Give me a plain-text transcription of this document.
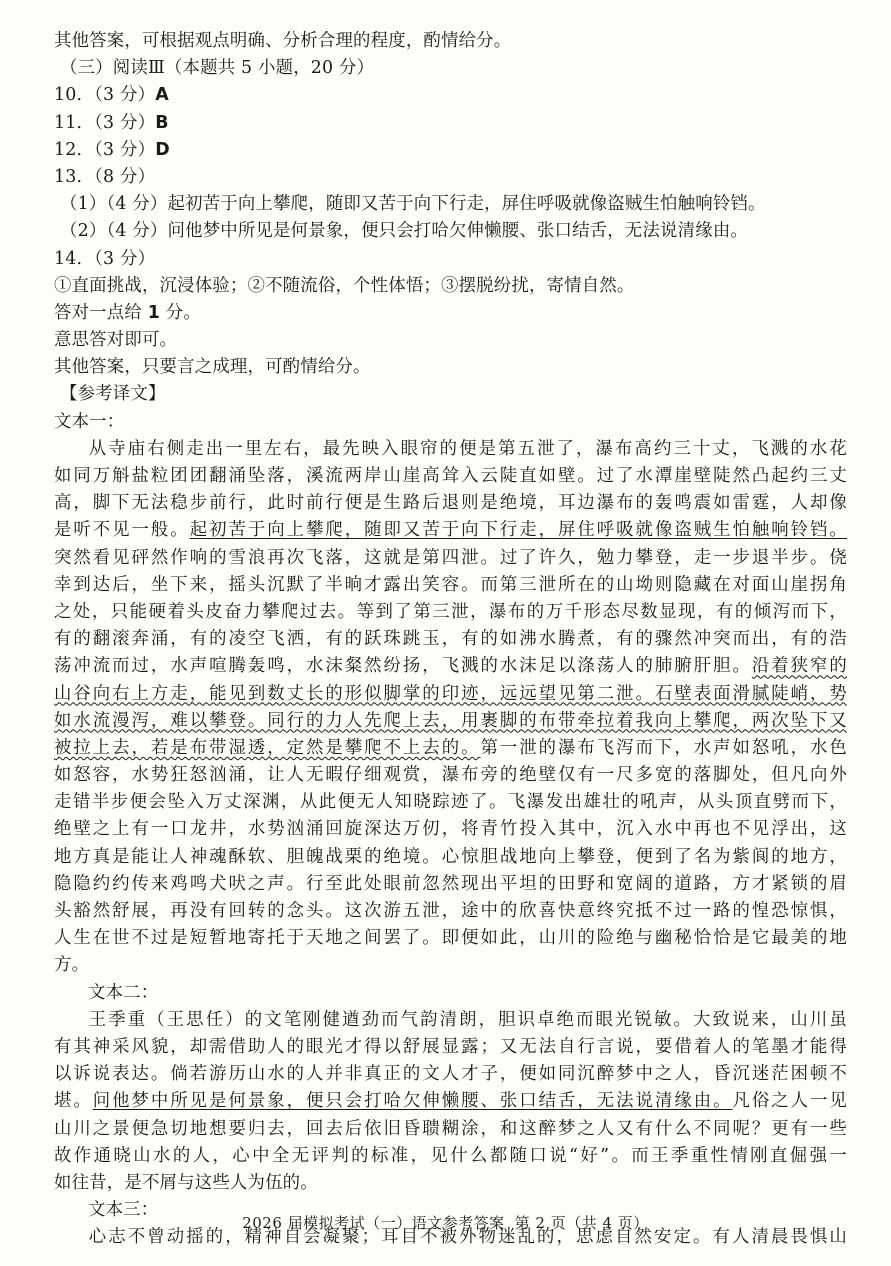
其他答案，可根据观点明确、分析合理的程度，酌情给分。
（三）阅读Ⅲ（本题共 5 小题，20 分）
10．（3 分）A
11．（3 分）B
12．（3 分）D
13．（8 分）
（1）（4 分）起初苦于向上攀爬，随即又苦于向下行走，屏住呼吸就像盗贼生怕触响铃铛。
（2）（4 分）问他梦中所见是何景象，便只会打哈欠伸懒腰、张口结舌，无法说清缘由。
14．（3 分）
①直面挑战，沉浸体验；②不随流俗，个性体悟；③摆脱纷扰，寄情自然。
答对一点给 1 分。
意思答对即可。
其他答案，只要言之成理，可酌情给分。
【参考译文】
文本一：
从寺庙右侧走出一里左右，最先映入眼帘的便是第五泄了，瀑布高约三十丈，飞溅的水花
如同万斛盐粒团团翻涌坠落，溪流两岸山崖高耸入云陡直如壁。过了水潭崖壁陡然凸起约三丈
高，脚下无法稳步前行，此时前行便是生路后退则是绝境，耳边瀑布的轰鸣震如雷霆，人却像
是听不见一般。起初苦于向上攀爬，随即又苦于向下行走，屏住呼吸就像盗贼生怕触响铃铛。
突然看见砰然作响的雪浪再次飞落，这就是第四泄。过了许久，勉力攀登，走一步退半步。侥
幸到达后，坐下来，摇头沉默了半晌才露出笑容。而第三泄所在的山坳则隐藏在对面山崖拐角
之处，只能硬着头皮奋力攀爬过去。等到了第三泄，瀑布的万千形态尽数显现，有的倾泻而下，
有的翻滚奔涌，有的凌空飞洒，有的跃珠跳玉，有的如沸水腾煮，有的骤然冲突而出，有的浩
荡冲流而过，水声喧腾轰鸣，水沫粲然纷扬，飞溅的水沫足以涤荡人的肺腑肝胆。沿着狭窄的
山谷向右上方走，能见到数丈长的形似脚掌的印迹，远远望见第二泄。石壁表面滑腻陡峭，势
如水流漫泻，难以攀登。同行的力人先爬上去，用裹脚的布带牵拉着我向上攀爬，两次坠下又
被拉上去，若是布带湿透，定然是攀爬不上去的。第一泄的瀑布飞泻而下，水声如怒吼，水色
如怒容，水势狂怒汹涌，让人无暇仔细观赏，瀑布旁的绝壁仅有一尺多宽的落脚处，但凡向外
走错半步便会坠入万丈深渊，从此便无人知晓踪迹了。飞瀑发出雄壮的吼声，从头顶直劈而下，
绝壁之上有一口龙井，水势汹涌回旋深达万仞，将青竹投入其中，沉入水中再也不见浮出，这
地方真是能让人神魂酥软、胆魄战栗的绝境。心惊胆战地向上攀登，便到了名为紫阆的地方，
隐隐约约传来鸡鸣犬吠之声。行至此处眼前忽然现出平坦的田野和宽阔的道路，方才紧锁的眉
头豁然舒展，再没有回转的念头。这次游五泄，途中的欣喜快意终究抵不过一路的惶恐惊惧，
人生在世不过是短暂地寄托于天地之间罢了。即便如此，山川的险绝与幽秘恰恰是它最美的地
方。
文本二：
王季重（王思任）的文笔刚健遒劲而气韵清朗，胆识卓绝而眼光锐敏。大致说来，山川虽
有其神采风貌，却需借助人的眼光才得以舒展显露；又无法自行言说，要借着人的笔墨才能得
以诉说表达。倘若游历山水的人并非真正的文人才子，便如同沉醉梦中之人，昏沉迷茫困顿不
堪。问他梦中所见是何景象，便只会打哈欠伸懒腰、张口结舌，无法说清缘由。凡俗之人一见
山川之景便急切地想要归去，回去后依旧昏聩糊涂，和这醉梦之人又有什么不同呢？更有一些
故作通晓山水的人，心中全无评判的标准，见什么都随口说“好”。而王季重性情刚直倔强一
如往昔，是不屑与这些人为伍的。
文本三：
心志不曾动摇的，精神自会凝聚；耳目不被外物迷乱的，思虑自然安定。有人清晨畏惧山
2026 届模拟考试（一）语文参考答案 第 2 页（共 4 页）
